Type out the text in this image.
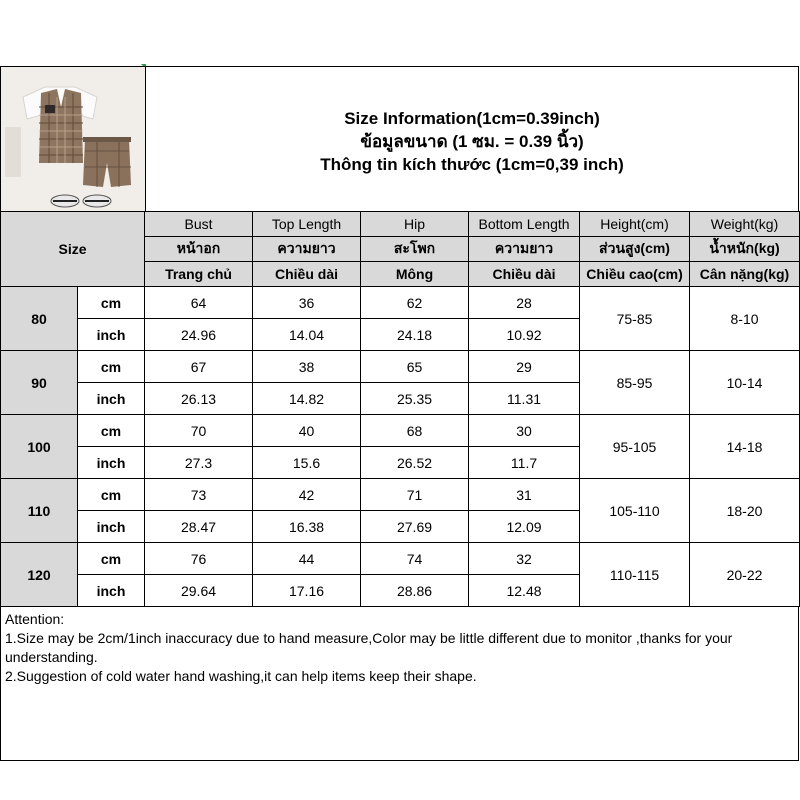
Size Information(1cm=0.39inch)
ข้อมูลขนาด (1 ซม. = 0.39 นิ้ว)
Thông tin kích thước (1cm=0,39 inch)
Size		Bust	Top Length	Hip	Bottom Length	Height(cm)	Weight(kg)
		หน้าอก	ความยาว	สะโพก	ความยาว	ส่วนสูง(cm)	น้ำหนัก(kg)
		Trang chủ	Chiều dài	Mông	Chiều dài	Chiều cao(cm)	Cân nặng(kg)
80	cm	64	36	62	28	75-85	8-10
	inch	24.96	14.04	24.18	10.92		
90	cm	67	38	65	29	85-95	10-14
	inch	26.13	14.82	25.35	11.31		
100	cm	70	40	68	30	95-105	14-18
	inch	27.3	15.6	26.52	11.7		
110	cm	73	42	71	31	105-110	18-20
	inch	28.47	16.38	27.69	12.09		
120	cm	76	44	74	32	110-115	20-22
	inch	29.64	17.16	28.86	12.48		
Attention:
1.Size may be 2cm/1inch inaccuracy due to hand measure,Color may be little different due to monitor ,thanks for your understanding.
2.Suggestion of cold water hand washing,it can help items keep their shape.
